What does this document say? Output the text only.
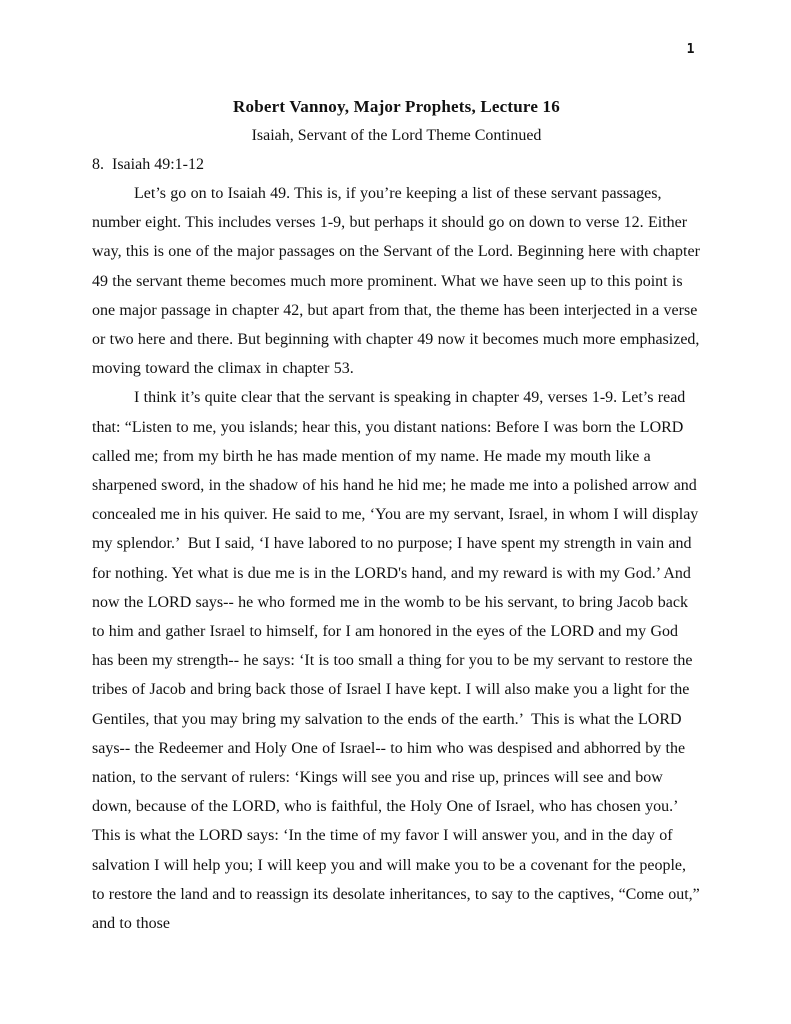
1
Robert Vannoy, Major Prophets, Lecture 16
Isaiah, Servant of the Lord Theme Continued
8.  Isaiah 49:1-12

Let’s go on to Isaiah 49. This is, if you’re keeping a list of these servant passages, number eight. This includes verses 1-9, but perhaps it should go on down to verse 12. Either way, this is one of the major passages on the Servant of the Lord. Beginning here with chapter 49 the servant theme becomes much more prominent. What we have seen up to this point is one major passage in chapter 42, but apart from that, the theme has been interjected in a verse or two here and there. But beginning with chapter 49 now it becomes much more emphasized, moving toward the climax in chapter 53.

I think it’s quite clear that the servant is speaking in chapter 49, verses 1-9. Let’s read that: “Listen to me, you islands; hear this, you distant nations: Before I was born the LORD called me; from my birth he has made mention of my name. He made my mouth like a sharpened sword, in the shadow of his hand he hid me; he made me into a polished arrow and concealed me in his quiver. He said to me, ‘You are my servant, Israel, in whom I will display my splendor.’  But I said, ‘I have labored to no purpose; I have spent my strength in vain and for nothing. Yet what is due me is in the LORD's hand, and my reward is with my God.’ And now the LORD says-- he who formed me in the womb to be his servant, to bring Jacob back to him and gather Israel to himself, for I am honored in the eyes of the LORD and my God has been my strength-- he says: ‘It is too small a thing for you to be my servant to restore the tribes of Jacob and bring back those of Israel I have kept. I will also make you a light for the Gentiles, that you may bring my salvation to the ends of the earth.’  This is what the LORD says-- the Redeemer and Holy One of Israel-- to him who was despised and abhorred by the nation, to the servant of rulers: ‘Kings will see you and rise up, princes will see and bow down, because of the LORD, who is faithful, the Holy One of Israel, who has chosen you.’  This is what the LORD says: ‘In the time of my favor I will answer you, and in the day of salvation I will help you; I will keep you and will make you to be a covenant for the people, to restore the land and to reassign its desolate inheritances, to say to the captives, “Come out,” and to those
